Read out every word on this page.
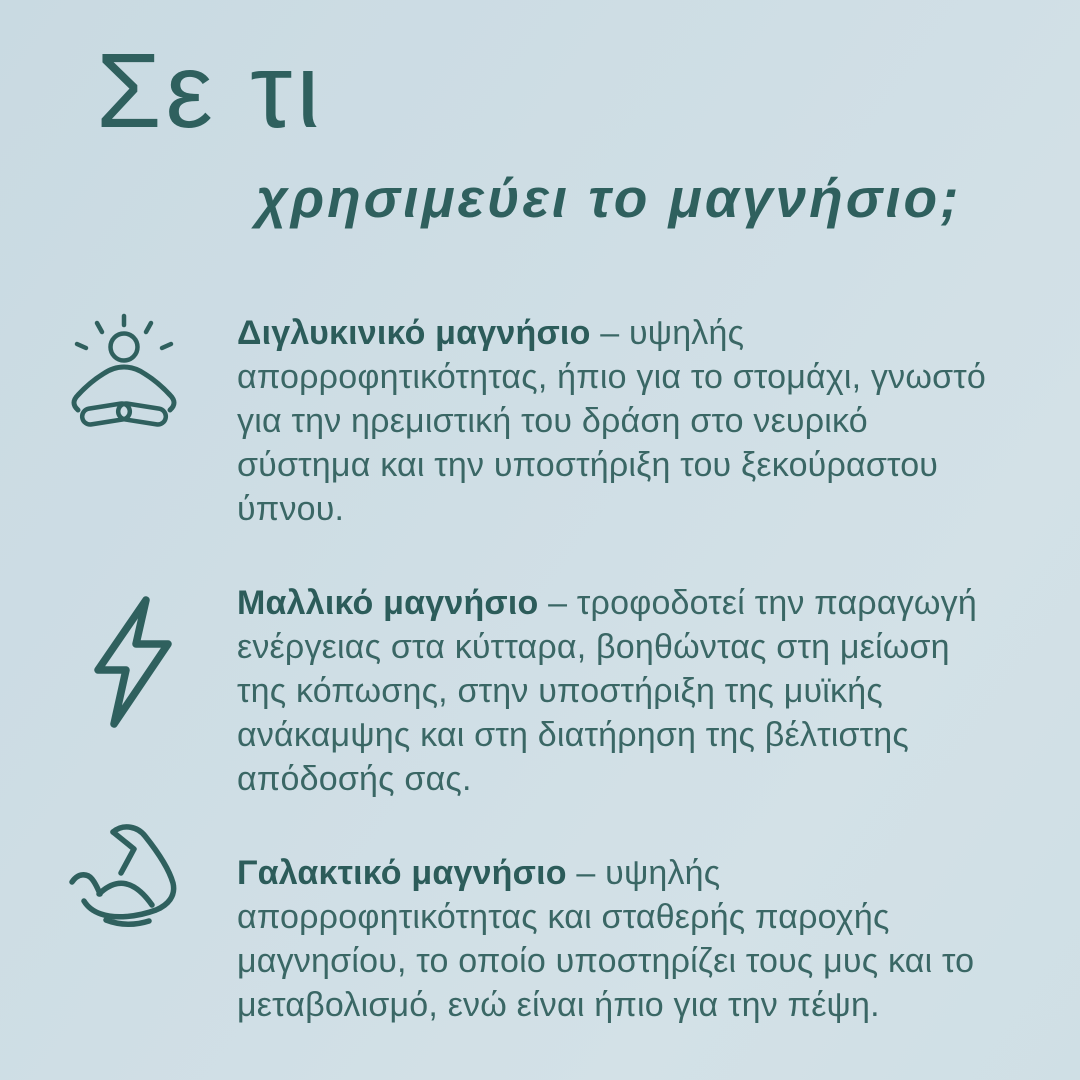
Σε τι
χρησιμεύει το μαγνήσιο;

Διγλυκινικό μαγνήσιο – υψηλής απορροφητικότητας, ήπιο για το στομάχι, γνωστό για την ηρεμιστική του δράση στο νευρικό σύστημα και την υποστήριξη του ξεκούραστου ύπνου.

Μαλλικό μαγνήσιο – τροφοδοτεί την παραγωγή ενέργειας στα κύτταρα, βοηθώντας στη μείωση της κόπωσης, στην υποστήριξη της μυϊκής ανάκαμψης και στη διατήρηση της βέλτιστης απόδοσής σας.

Γαλακτικό μαγνήσιο – υψηλής απορροφητικότητας και σταθερής παροχής μαγνησίου, το οποίο υποστηρίζει τους μυς και το μεταβολισμό, ενώ είναι ήπιο για την πέψη.
